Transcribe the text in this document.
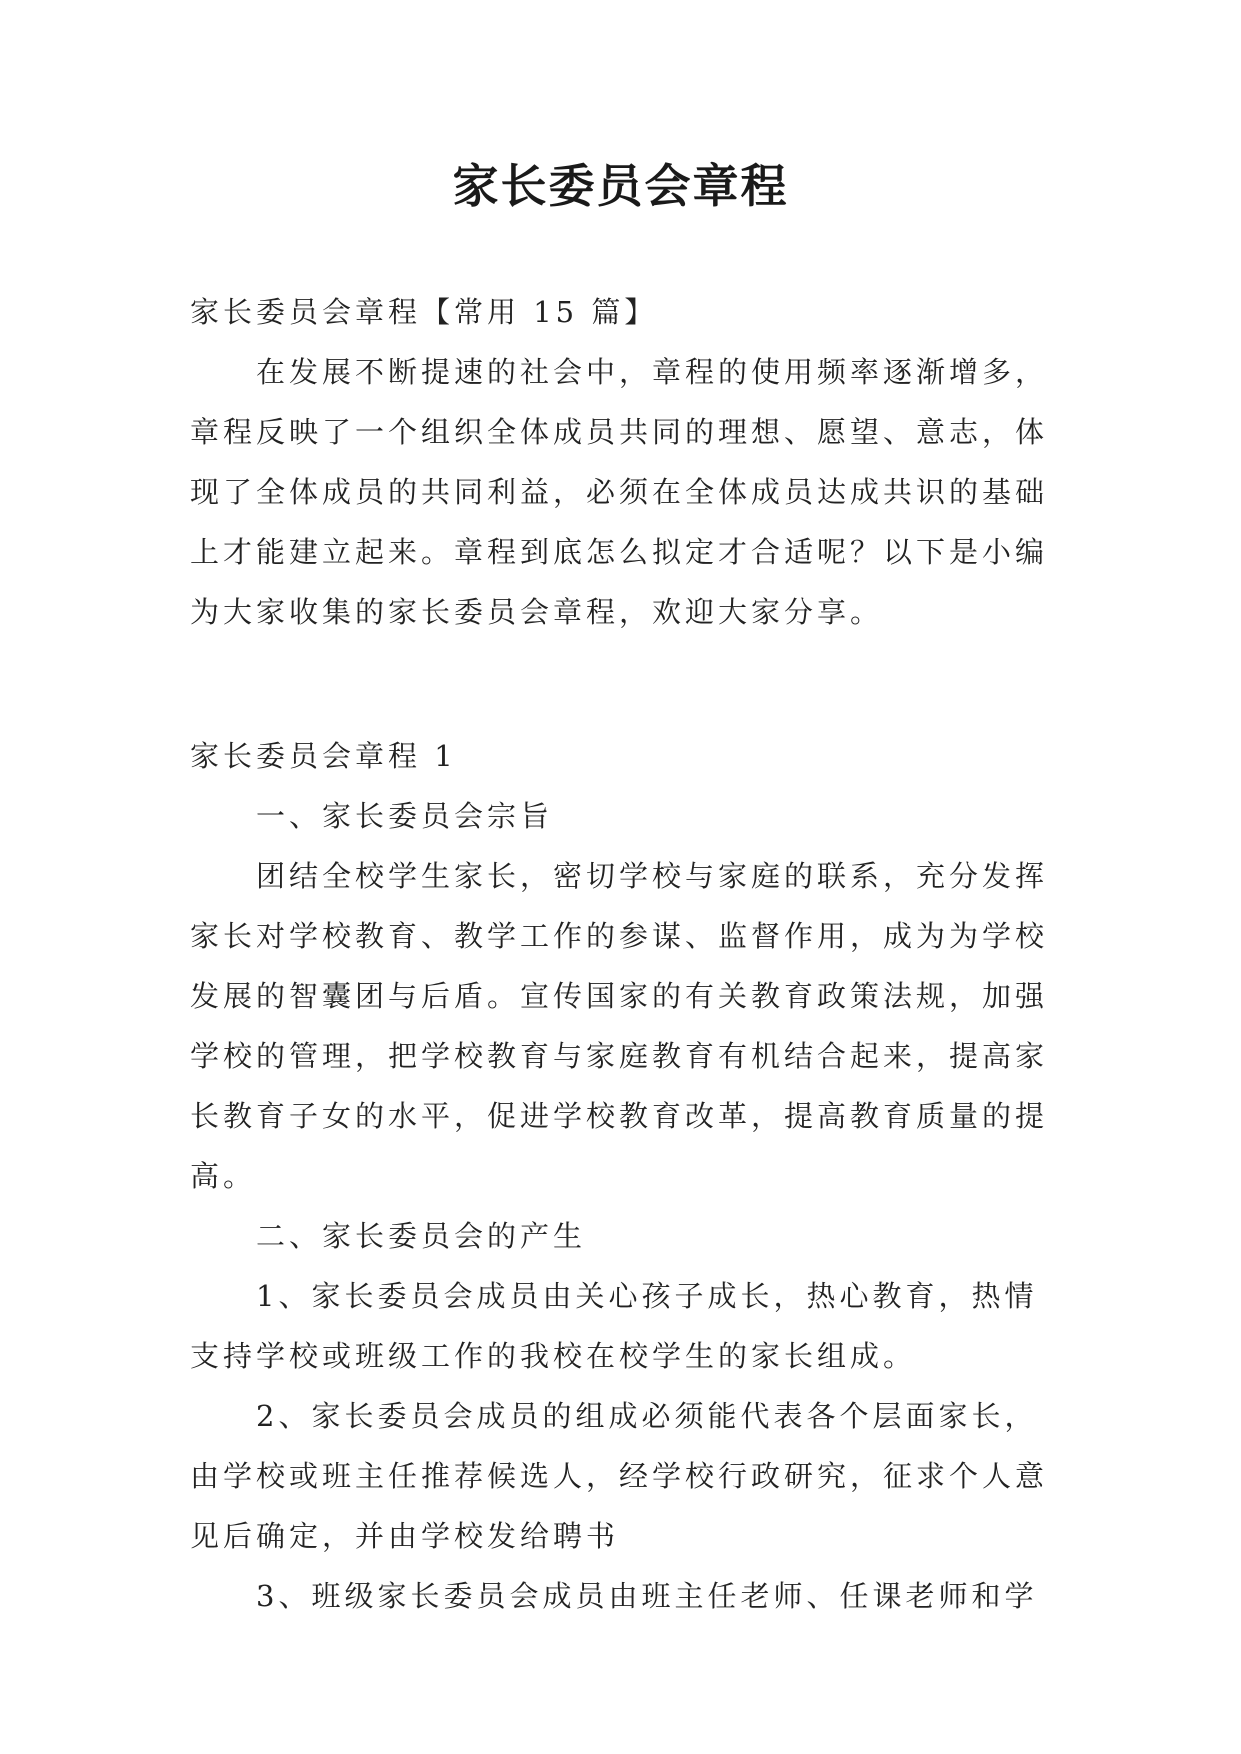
家长委员会章程

家长委员会章程【常用 15 篇】

在发展不断提速的社会中，章程的使用频率逐渐增多，

章程反映了一个组织全体成员共同的理想、愿望、意志，体

现了全体成员的共同利益，必须在全体成员达成共识的基础

上才能建立起来。章程到底怎么拟定才合适呢？以下是小编

为大家收集的家长委员会章程，欢迎大家分享。

家长委员会章程 1

一、家长委员会宗旨

团结全校学生家长，密切学校与家庭的联系，充分发挥

家长对学校教育、教学工作的参谋、监督作用，成为为学校

发展的智囊团与后盾。宣传国家的有关教育政策法规，加强

学校的管理，把学校教育与家庭教育有机结合起来，提高家

长教育子女的水平，促进学校教育改革，提高教育质量的提

高。

二、家长委员会的产生

1、家长委员会成员由关心孩子成长，热心教育，热情

支持学校或班级工作的我校在校学生的家长组成。

2、家长委员会成员的组成必须能代表各个层面家长，

由学校或班主任推荐候选人，经学校行政研究，征求个人意

见后确定，并由学校发给聘书

3、班级家长委员会成员由班主任老师、任课老师和学
